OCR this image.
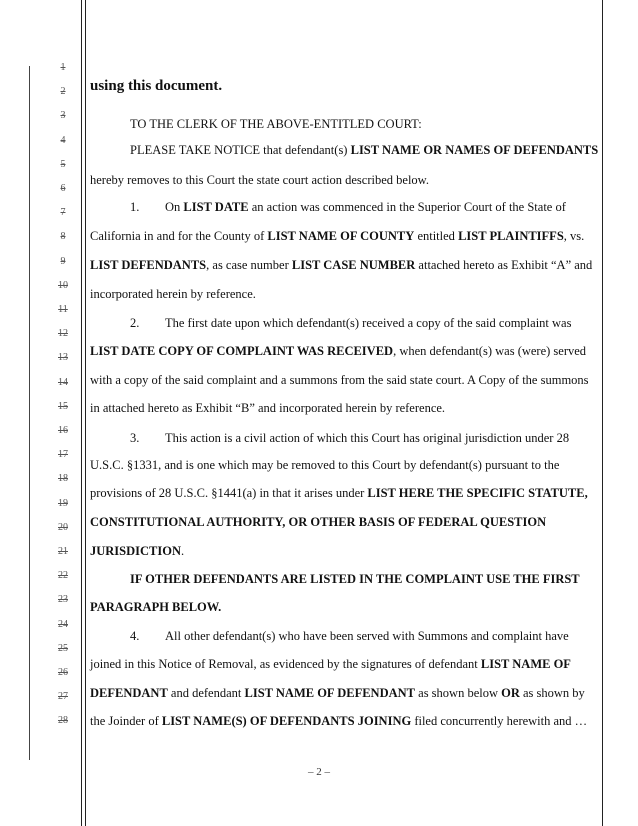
1
2
3
4
5
6
7
8
9
10
11
12
13
14
15
16
17
18
19
20
21
22
23
24
25
26
27
28
using this document.
TO THE CLERK OF THE ABOVE-ENTITLED COURT:
PLEASE TAKE NOTICE that defendant(s) LIST NAME OR NAMES OF DEFENDANTS
hereby removes to this Court the state court action described below.
1. On LIST DATE an action was commenced in the Superior Court of the State of
California in and for the County of LIST NAME OF COUNTY entitled LIST PLAINTIFFS, vs.
LIST DEFENDANTS, as case number LIST CASE NUMBER attached hereto as Exhibit “A” and
incorporated herein by reference.
2. The first date upon which defendant(s) received a copy of the said complaint was
LIST DATE COPY OF COMPLAINT WAS RECEIVED, when defendant(s) was (were) served
with a copy of the said complaint and a summons from the said state court. A Copy of the summons
in attached hereto as Exhibit “B” and incorporated herein by reference.
3. This action is a civil action of which this Court has original jurisdiction under 28
U.S.C. §1331, and is one which may be removed to this Court by defendant(s) pursuant to the
provisions of 28 U.S.C. §1441(a) in that it arises under LIST HERE THE SPECIFIC STATUTE,
CONSTITUTIONAL AUTHORITY, OR OTHER BASIS OF FEDERAL QUESTION
JURISDICTION.
IF OTHER DEFENDANTS ARE LISTED IN THE COMPLAINT USE THE FIRST
PARAGRAPH BELOW.
4. All other defendant(s) who have been served with Summons and complaint have
joined in this Notice of Removal, as evidenced by the signatures of defendant LIST NAME OF
DEFENDANT and defendant LIST NAME OF DEFENDANT as shown below OR as shown by
the Joinder of LIST NAME(S) OF DEFENDANTS JOINING filed concurrently herewith and …
– 2 –
